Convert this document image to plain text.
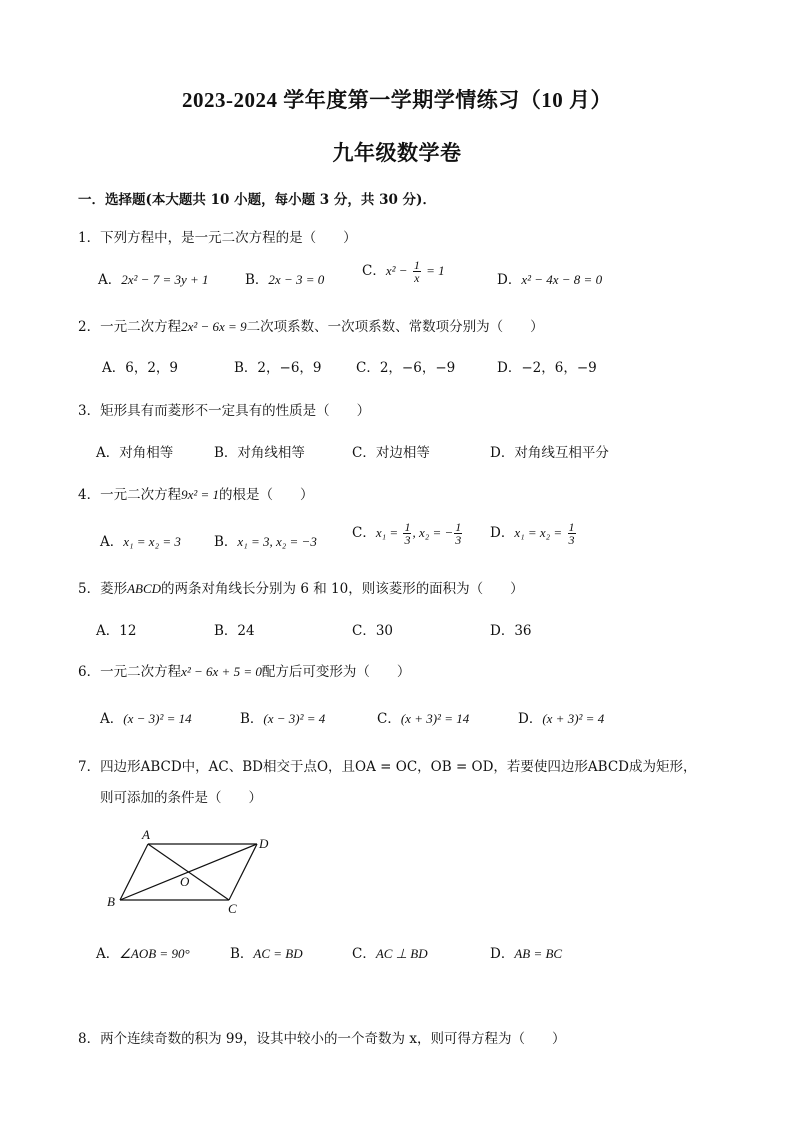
2023-2024 学年度第一学期学情练习（10 月）
九年级数学卷
一．选择题(本大题共 10 小题，每小题 3 分，共 30 分)．
1．下列方程中，是一元二次方程的是（　　）
A．2x² − 7 = 3y + 1	B．2x − 3 = 0
C．$x^2 - \frac{1}{x} = 1$
D．x² − 4x − 8 = 0
2．一元二次方程2x² − 6x = 9二次项系数、一次项系数、常数项分别为（　　）
A．6，2，9	B．2，−6，9	C．2，−6，−9	D．−2，6，−9
3．矩形具有而菱形不一定具有的性质是（　　）
A．对角相等	B．对角线相等	C．对边相等	D．对角线互相平分
4．一元二次方程9x² = 1的根是（　　）
A．x₁ = x₂ = 3 B．x₁ = 3, x₂ = −3
C．$x_1 = \frac{1}{3}$ , x₂ = − $\frac{1}{3}$ D．$x_1 = x_2 = \frac{1}{3}$
5．菱形ABCD的两条对角线长分别为 6 和 10，则该菱形的面积为（　　）
A．12	B．24	C．30	D．36
6．一元二次方程x² − 6x + 5 = 0配方后可变形为（　　）
A．(x − 3)² = 14	B．(x − 3)² = 4	C．(x + 3)² = 14	D．(x + 3)² = 4
7．四边形ABCD中，AC、BD相交于点O，且OA = OC，OB = OD，若要使四边形ABCD成为矩形，
则可添加的条件是（　　）
A
B	C
D
O
A．∠AOB = 90°	B．AC = BD	C．AC ⊥ BD	D．AB = BC
8．两个连续奇数的积为 99，设其中较小的一个奇数为 x，则可得方程为（　　）
